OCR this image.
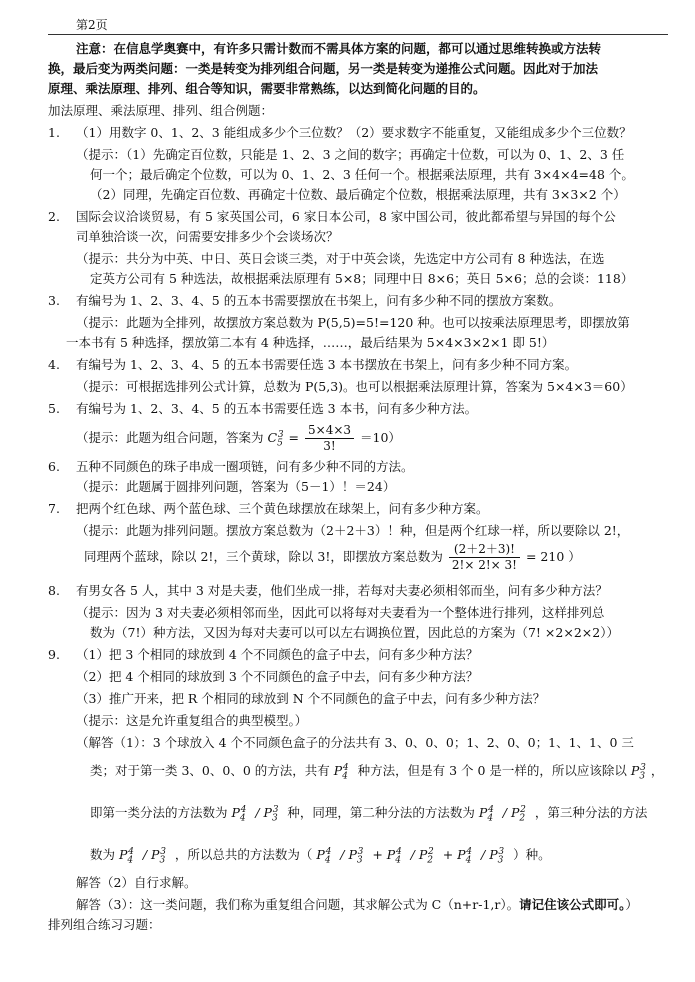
第2页
注意：在信息学奥赛中，有许多只需计数而不需具体方案的问题，都可以通过思维转换或方法转
换，最后变为两类问题：一类是转变为排列组合问题，另一类是转变为递推公式问题。因此对于加法
原理、乘法原理、排列、组合等知识，需要非常熟练，以达到简化问题的目的。
加法原理、乘法原理、排列、组合例题：
1. （1）用数字 0、1、2、3 能组成多少个三位数？（2）要求数字不能重复，又能组成多少个三位数？
（提示：（1）先确定百位数，只能是 1、2、3 之间的数字；再确定十位数，可以为 0、1、2、3 任
何一个；最后确定个位数，可以为 0、1、2、3 任何一个。根据乘法原理，共有 3×4×4=48 个。
（2）同理，先确定百位数、再确定十位数、最后确定个位数，根据乘法原理，共有 3×3×2 个）
2. 国际会议洽谈贸易，有 5 家英国公司，6 家日本公司，8 家中国公司，彼此都希望与异国的每个公
司单独洽谈一次，问需要安排多少个会谈场次？
（提示：共分为中英、中日、英日会谈三类，对于中英会谈，先选定中方公司有 8 种选法，在选
定英方公司有 5 种选法，故根据乘法原理有 5×8；同理中日 8×6；英日 5×6；总的会谈：118）
3. 有编号为 1、2、3、4、5 的五本书需要摆放在书架上，问有多少种不同的摆放方案数。
（提示：此题为全排列，故摆放方案总数为 P(5,5)=5!=120 种。也可以按乘法原理思考，即摆放第
一本书有 5 种选择，摆放第二本有 4 种选择，……，最后结果为 5×4×3×2×1 即 5!）
4. 有编号为 1、2、3、4、5 的五本书需要任选 3 本书摆放在书架上，问有多少种不同方案。
（提示：可根据选排列公式计算，总数为 P(5,3)。也可以根据乘法原理计算，答案为 5×4×3＝60）
5. 有编号为 1、2、3、4、5 的五本书需要任选 3 本书，问有多少种方法。
（提示：此题为组合问题，答案为 $C_5^3 = \frac{5\times 4\times 3}{3!} =10$）
6. 五种不同颜色的珠子串成一圈项链，问有多少种不同的方法。
（提示：此题属于圆排列问题，答案为（5－1）！＝24）
7. 把两个红色球、两个蓝色球、三个黄色球摆放在球架上，问有多少种方案。
（提示：此题为排列问题。摆放方案总数为（2＋2＋3）！种，但是两个红球一样，所以要除以 2!，
同理两个蓝球，除以 2!，三个黄球，除以 3!，即摆放方案总数为 $\frac{(2+2+3)!}{2!\times 2!\times 3!} = 210$ ）
8. 有男女各 5 人，其中 3 对是夫妻，他们坐成一排，若每对夫妻必须相邻而坐，问有多少种方法？
（提示：因为 3 对夫妻必须相邻而坐，因此可以将每对夫妻看为一个整体进行排列，这样排列总
数为（7!）种方法，又因为每对夫妻可以可以左右调换位置，因此总的方案为（7! ×2×2×2））
9. （1）把 3 个相同的球放到 4 个不同颜色的盒子中去，问有多少种方法？
（2）把 4 个相同的球放到 3 个不同颜色的盒子中去，问有多少种方法？
（3）推广开来，把 R 个相同的球放到 N 个不同颜色的盒子中去，问有多少种方法？
（提示：这是允许重复组合的典型模型。）
（解答（1）：3 个球放入 4 个不同颜色盒子的分法共有 3、0、0、0；1、2、0、0；1、1、1、0 三
类；对于第一类 3、0、0、0 的方法，共有 $P_4^4$ 种方法，但是有 3 个 0 是一样的，所以应该除以 $P_3^3$ ，
即第一类分法的方法数为 $P_4^4 / P_3^3$ 种，同理，第二种分法的方法数为 $P_4^4 / P_2^2$ ，第三种分法的方法
数为 $P_4^4 / P_3^3$ ，所以总共的方法数为（ $P_4^4 / P_3^3 + P_4^4 / P_2^2 + P_4^4 / P_3^3$ ）种。
解答（2）自行求解。
解答（3）：这一类问题，我们称为重复组合问题，其求解公式为 C（n+r-1,r）。请记住该公式即可。）
排列组合练习习题：
